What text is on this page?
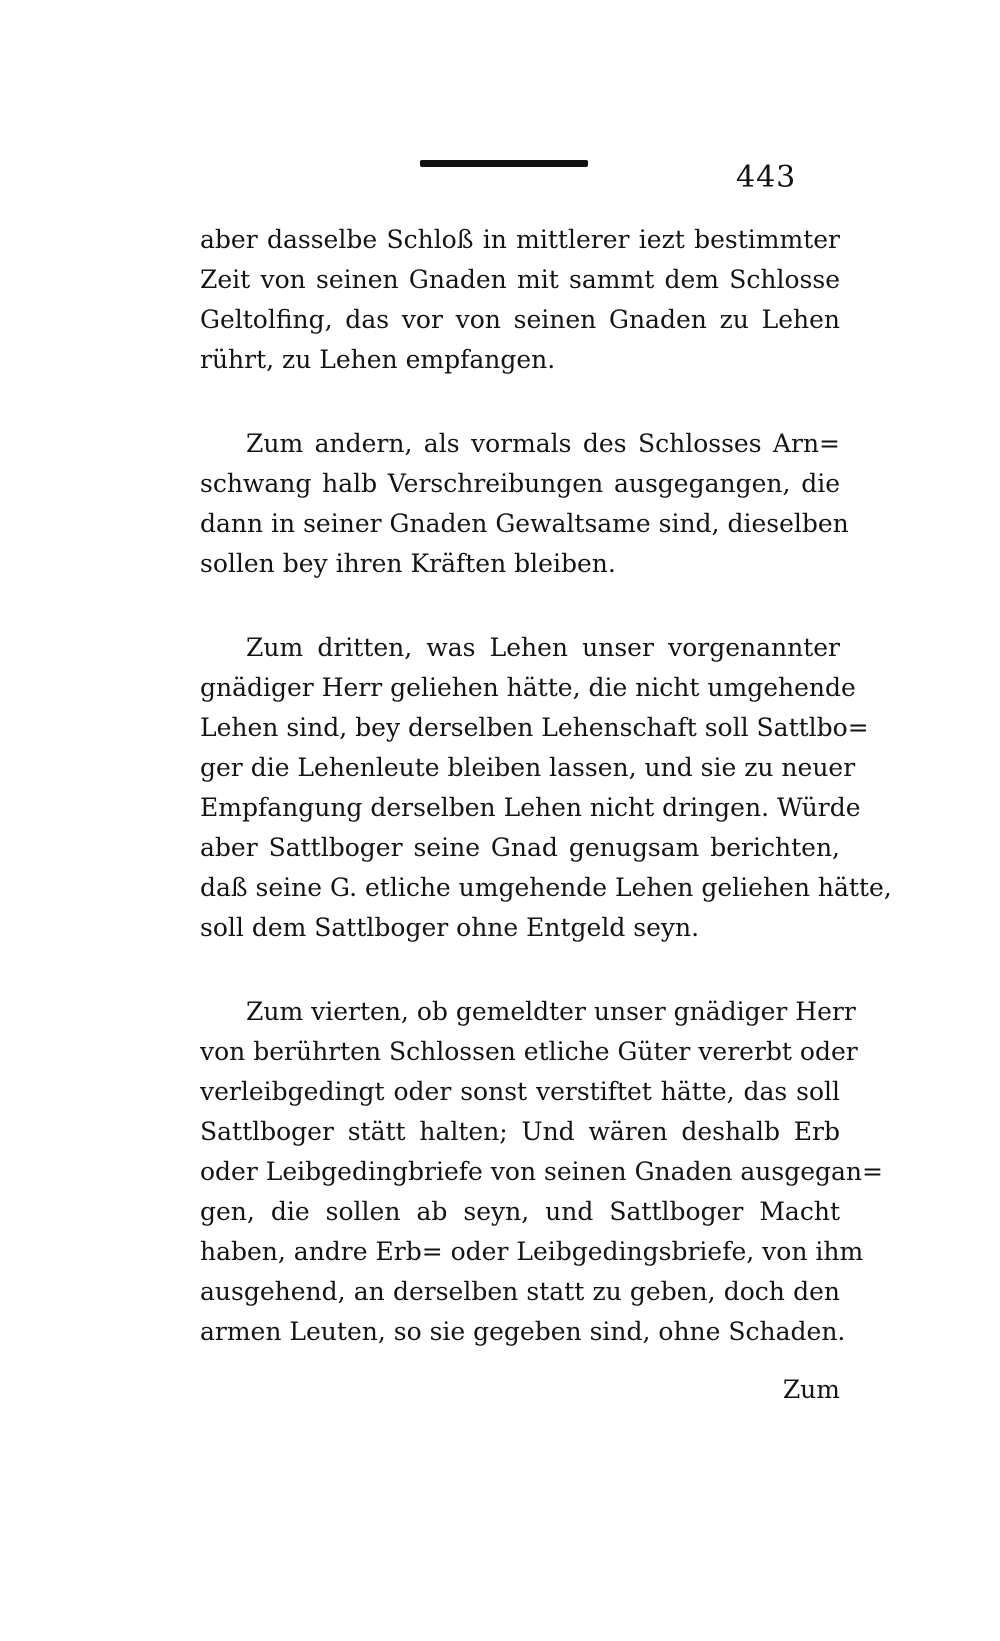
443
aber dasselbe Schloß in mittlerer iezt bestimmter
Zeit von seinen Gnaden mit sammt dem Schlosse
Geltolfing, das vor von seinen Gnaden zu Lehen
rührt, zu Lehen empfangen.
Zum andern, als vormals des Schlosses Arn=
schwang halb Verschreibungen ausgegangen, die
dann in seiner Gnaden Gewaltsame sind, dieselben
sollen bey ihren Kräften bleiben.
Zum dritten, was Lehen unser vorgenannter
gnädiger Herr geliehen hätte, die nicht umgehende
Lehen sind, bey derselben Lehenschaft soll Sattlbo=
ger die Lehenleute bleiben lassen, und sie zu neuer
Empfangung derselben Lehen nicht dringen. Würde
aber Sattlboger seine Gnad genugsam berichten,
daß seine G. etliche umgehende Lehen geliehen hätte,
soll dem Sattlboger ohne Entgeld seyn.
Zum vierten, ob gemeldter unser gnädiger Herr
von berührten Schlossen etliche Güter vererbt oder
verleibgedingt oder sonst verstiftet hätte, das soll
Sattlboger stätt halten; Und wären deshalb Erb
oder Leibgedingbriefe von seinen Gnaden ausgegan=
gen, die sollen ab seyn, und Sattlboger Macht
haben, andre Erb= oder Leibgedingsbriefe, von ihm
ausgehend, an derselben statt zu geben, doch den
armen Leuten, so sie gegeben sind, ohne Schaden.
Zum
